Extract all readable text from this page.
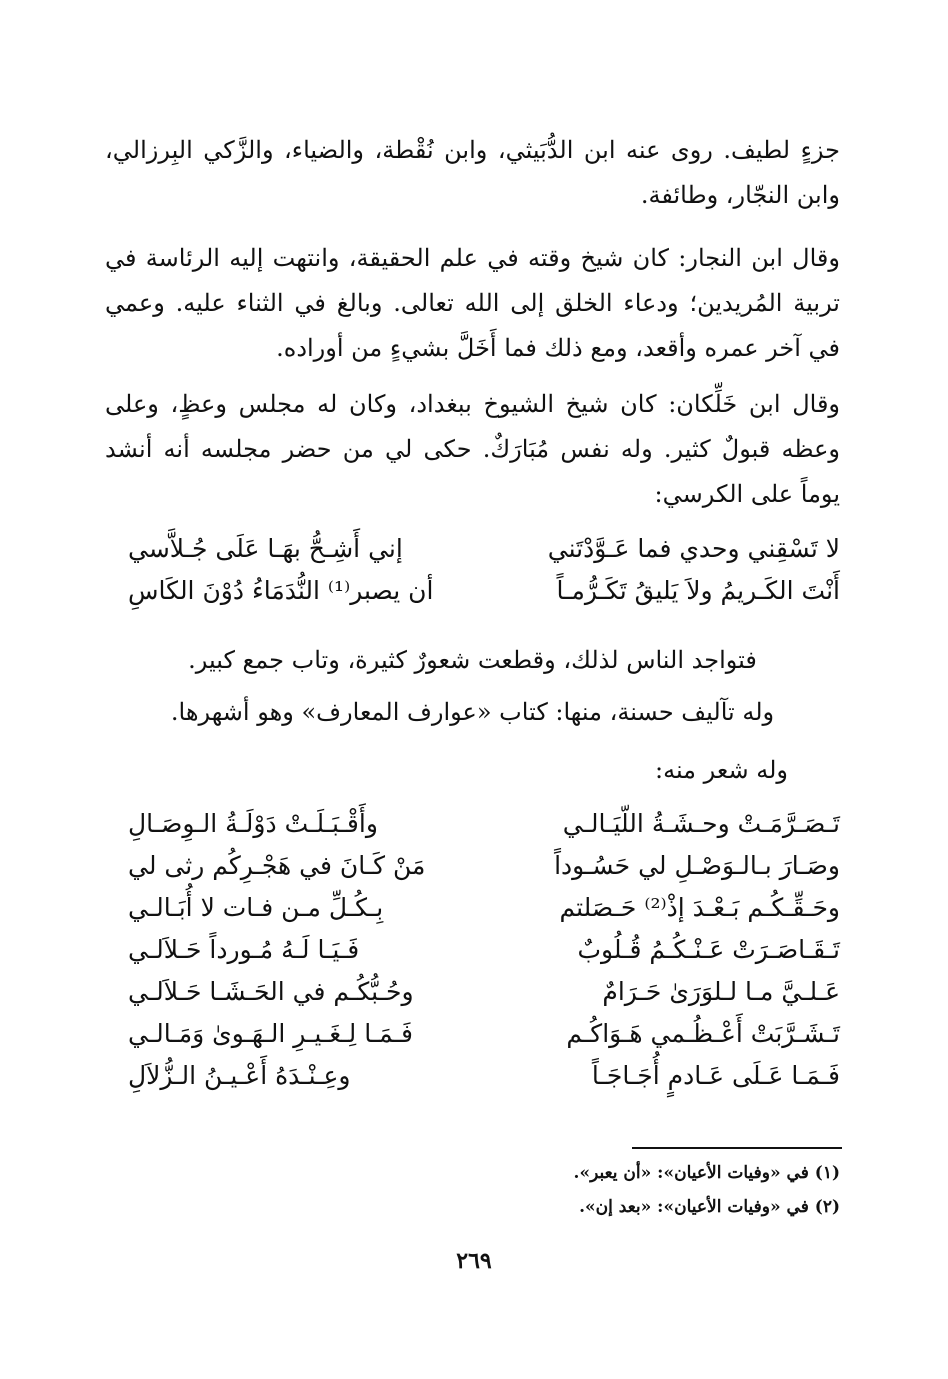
جزءٍ لطيف. روى عنه ابن الدُّبَيثي، وابن نُقْطة، والضياء، والزَّكي البِرزالي، وابن النجّار، وطائفة.
وقال ابن النجار: كان شيخ وقته في علم الحقيقة، وانتهت إليه الرئاسة في تربية المُريدين؛ ودعاء الخلق إلى الله تعالى. وبالغ في الثناء عليه. وعمي في آخر عمره وأقعد، ومع ذلك فما أَخَلَّ بشيءٍ من أوراده.
وقال ابن خَلِّكان: كان شيخ الشيوخ ببغداد، وكان له مجلس وعظٍ، وعلى وعظه قبولٌ كثير. وله نفس مُبَارَكٌ. حكى لي من حضر مجلسه أنه أنشد يوماً على الكرسي:
لا تَسْقِني وحدي فما عَـوَّدْتَني
إني أَشِـحُّ بهَـا عَلَى جُـلاَّسي
أَنْتَ الكَـريمُ ولاَ يَليقُ تَكَـرُّمـاً
أن يصبر⁽¹⁾ النُّدَمَاءُ دُوْنَ الكَاسِ
فتواجد الناس لذلك، وقطعت شعورٌ كثيرة، وتاب جمع كبير.
وله تآليف حسنة، منها: كتاب «عوارف المعارف» وهو أشهرها.
وله شعر منه:
تَـصَـرَّمَـتْ وحـشَـةُ اللّيَـالـي
وأَقْـبَـلَـتْ دَوْلَـةُ الـوِصَـالِ
وصَـارَ بـالـوَصْـلِ لي حَسُـوداً
مَنْ كَـانَ في هَجْـرِكُم رثى لي
وحَـقِّـكُـم بَـعْـدَ إذْ⁽²⁾ حَـصَلتم
بِـكُـلِّ مـن فـات لا أُبَـالـي
تَـقَـاصَـرَتْ عَـنْـكُـمُ قُـلُوبٌ
فَـيَـا لَـهُ مُـورداً حَـلاَلـي
عَـلـيَّ مـا لـلوَرَىٰ حَـرَامٌ
وحُـبُّكُـم في الحَـشَـا حَـلاَلـي
تَـشَـرَّبَتْ أَعْـظُـمي هَـوَاكُـم
فَـمَـا لِـغَـيـرِ الـهَـوىٰ وَمَـالـي
فَـمَـا عَـلَى عَـادمٍ أُجَـاجَـاً
وعِـنْـدَهُ أَعْـيـنُ الـزُّلاَلِ
(١) في «وفيات الأعيان»: «أن يعبر».
(٢) في «وفيات الأعيان»: «بعد إن».
٢٦٩
